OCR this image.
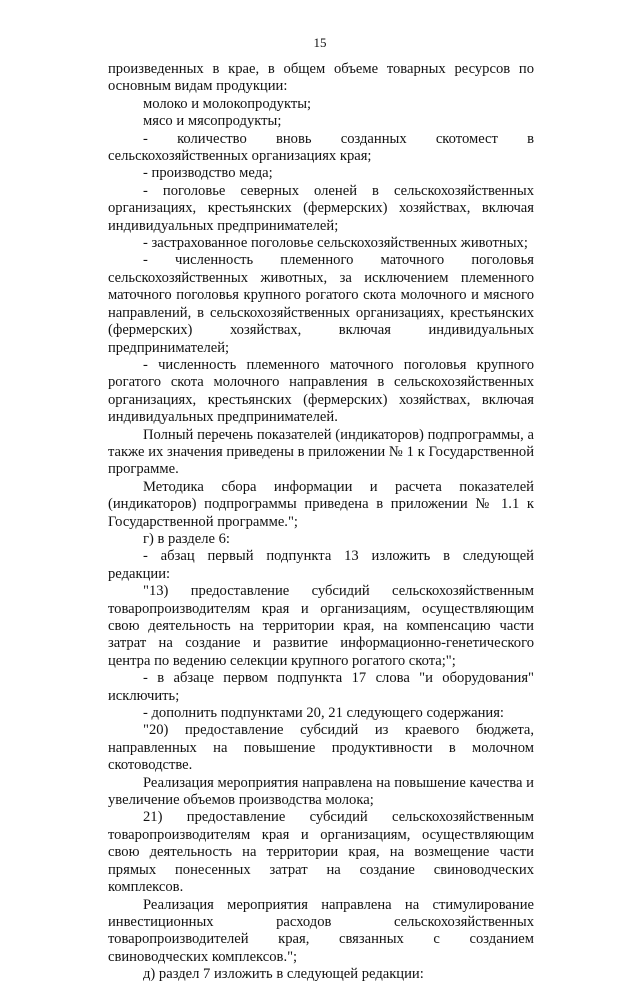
15

произведенных в крае, в общем объеме товарных ресурсов по основным видам продукции:

молоко и молокопродукты;

мясо и мясопродукты;

- количество вновь созданных скотомест в сельскохозяйственных организациях края;

- производство меда;

- поголовье северных оленей в сельскохозяйственных организациях, крестьянских (фермерских) хозяйствах, включая индивидуальных предпринимателей;

- застрахованное поголовье сельскохозяйственных животных;

- численность племенного маточного поголовья сельскохозяйственных животных, за исключением племенного маточного поголовья крупного рогатого скота молочного и мясного направлений, в сельскохозяйственных организациях, крестьянских (фермерских) хозяйствах, включая индивидуальных предпринимателей;

- численность племенного маточного поголовья крупного рогатого скота молочного направления в сельскохозяйственных организациях, крестьянских (фермерских) хозяйствах, включая индивидуальных предпринимателей.

Полный перечень показателей (индикаторов) подпрограммы, а также их значения приведены в приложении № 1 к Государственной программе.

Методика сбора информации и расчета показателей (индикаторов) подпрограммы приведена в приложении № 1.1 к Государственной программе.";

г) в разделе 6:

- абзац первый подпункта 13 изложить в следующей редакции:

"13) предоставление субсидий сельскохозяйственным товаропроизводителям края и организациям, осуществляющим свою деятельность на территории края, на компенсацию части затрат на создание и развитие информационно-генетического центра по ведению селекции крупного рогатого скота;";

- в абзаце первом подпункта 17 слова "и оборудования" исключить;

- дополнить подпунктами 20, 21 следующего содержания:

"20) предоставление субсидий из краевого бюджета, направленных на повышение продуктивности в молочном скотоводстве.

Реализация мероприятия направлена на повышение качества и увеличение объемов производства молока;

21) предоставление субсидий сельскохозяйственным товаропроизводителям края и организациям, осуществляющим свою деятельность на территории края, на возмещение части прямых понесенных затрат на создание свиноводческих комплексов.

Реализация мероприятия направлена на стимулирование инвестиционных расходов сельскохозяйственных товаропроизводителей края, связанных с созданием свиноводческих комплексов.";

д) раздел 7 изложить в следующей редакции:
